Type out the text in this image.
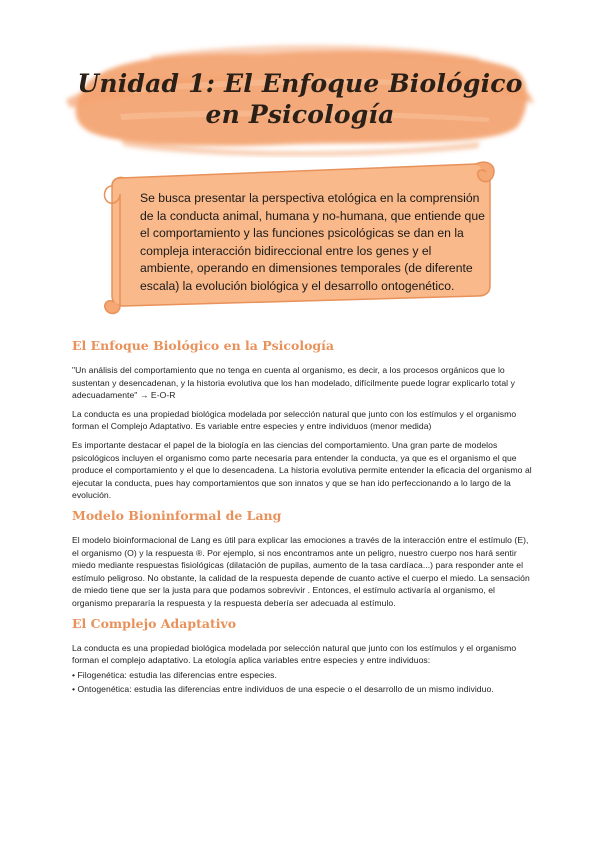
Unidad 1: El Enfoque Biológico en Psicología
Se busca presentar la perspectiva etológica en la comprensión de la conducta animal, humana y no-humana, que entiende que el comportamiento y las funciones psicológicas se dan en la compleja interacción bidireccional entre los genes y el ambiente, operando en dimensiones temporales (de diferente escala) la evolución biológica y el desarrollo ontogenético.
El Enfoque Biológico en la Psicología

"Un análisis del comportamiento que no tenga en cuenta al organismo, es decir, a los procesos orgánicos que lo sustentan y desencadenan, y la historia evolutiva que los han modelado, difícilmente puede lograr explicarlo total y adecuadamente" → E-O-R

La conducta es una propiedad biológica modelada por selección natural que junto con los estímulos y el organismo forman el Complejo Adaptativo. Es variable entre especies y entre individuos (menor medida)

Es importante destacar el papel de la biología en las ciencias del comportamiento. Una gran parte de modelos psicológicos incluyen el organismo como parte necesaria para entender la conducta, ya que es el organismo el que produce el comportamiento y el que lo desencadena. La historia evolutiva permite entender la eficacia del organismo al ejecutar la conducta, pues hay comportamientos que son innatos y que se han ido perfeccionando a lo largo de la evolución.

Modelo Bioninformal de Lang

El modelo bioinformacional de Lang es útil para explicar las emociones a través de la interacción entre el estímulo (E), el organismo (O) y la respuesta ®. Por ejemplo, si nos encontramos ante un peligro, nuestro cuerpo nos hará sentir miedo mediante respuestas fisiológicas (dilatación de pupilas, aumento de la tasa cardíaca...) para responder ante el estímulo peligroso. No obstante, la calidad de la respuesta depende de cuanto active el cuerpo el miedo. La sensación de miedo tiene que ser la justa para que podamos sobrevivir . Entonces, el estímulo activaría al organismo, el organismo prepararía la respuesta y la respuesta debería ser adecuada al estímulo.

El Complejo Adaptativo

La conducta es una propiedad biológica modelada por selección natural que junto con los estímulos y el organismo forman el complejo adaptativo. La etología aplica variables entre especies y entre individuos:

• Filogenética: estudia las diferencias entre especies.

• Ontogenética: estudia las diferencias entre individuos de una especie o el desarrollo de un mismo individuo.
